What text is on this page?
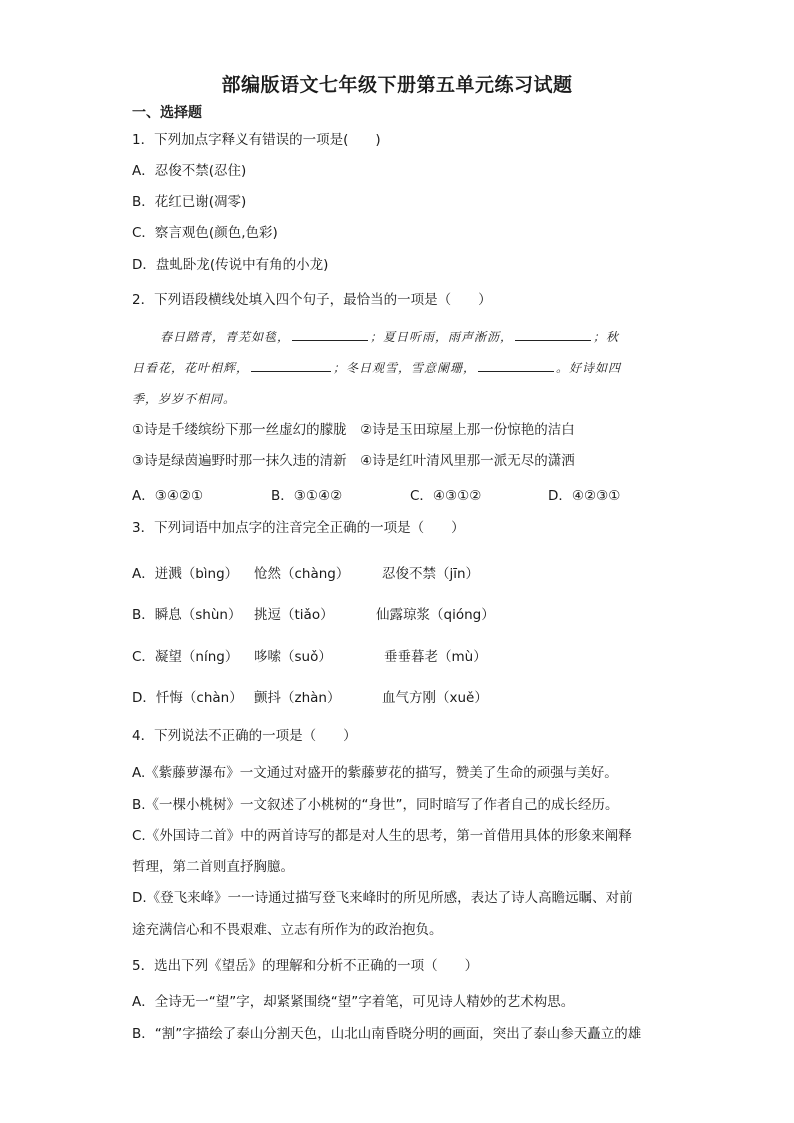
部编版语文七年级下册第五单元练习试题
一、选择题
1．下列加点字释义有错误的一项是(　　)
A．忍俊不禁(忍住)
B．花红已谢(凋零)
C．察言观色(颜色,色彩)
D．盘虬卧龙(传说中有角的小龙)
2．下列语段横线处填入四个句子，最恰当的一项是（　　）
春日踏青，青芜如毯，	；夏日听雨，雨声淅沥，	；秋
日看花，花叶相辉，	；冬日观雪，雪意阑珊，	。好诗如四
季，岁岁不相同。
①诗是千缕缤纷下那一丝虚幻的朦胧　②诗是玉田琼屋上那一份惊艳的洁白
③诗是绿茵遍野时那一抹久违的清新　④诗是红叶清风里那一派无尽的潇洒
A．③④②①	B．③①④②	C．④③①②	D．④②③①
3．下列词语中加点字的注音完全正确的一项是（　　）
A．迸溅（bìng） 怆然（chàng） 忍俊不禁（jīn）
B．瞬息（shùn） 挑逗（tiǎo）	仙露琼浆（qióng）
C．凝望（níng） 哆嗦（suǒ）	垂垂暮老（mù）
D．忏悔（chàn） 颤抖（zhàn）	血气方刚（xuě）
4．下列说法不正确的一项是（　　）
A.《紫藤萝瀑布》一文通过对盛开的紫藤萝花的描写，赞美了生命的顽强与美好。
B.《一棵小桃树》一文叙述了小桃树的“身世”，同时暗写了作者自己的成长经历。
C.《外国诗二首》中的两首诗写的都是对人生的思考，第一首借用具体的形象来阐释
哲理，第二首则直抒胸臆。
D.《登飞来峰》一一诗通过描写登飞来峰时的所见所感，表达了诗人高瞻远瞩、对前
途充满信心和不畏艰难、立志有所作为的政治抱负。
5．选出下列《望岳》的理解和分析不正确的一项（　　）
A．全诗无一“望”字，却紧紧围绕“望”字着笔，可见诗人精妙的艺术构思。
B．“割”字描绘了泰山分割天色，山北山南昏晓分明的画面，突出了泰山参天矗立的雄
